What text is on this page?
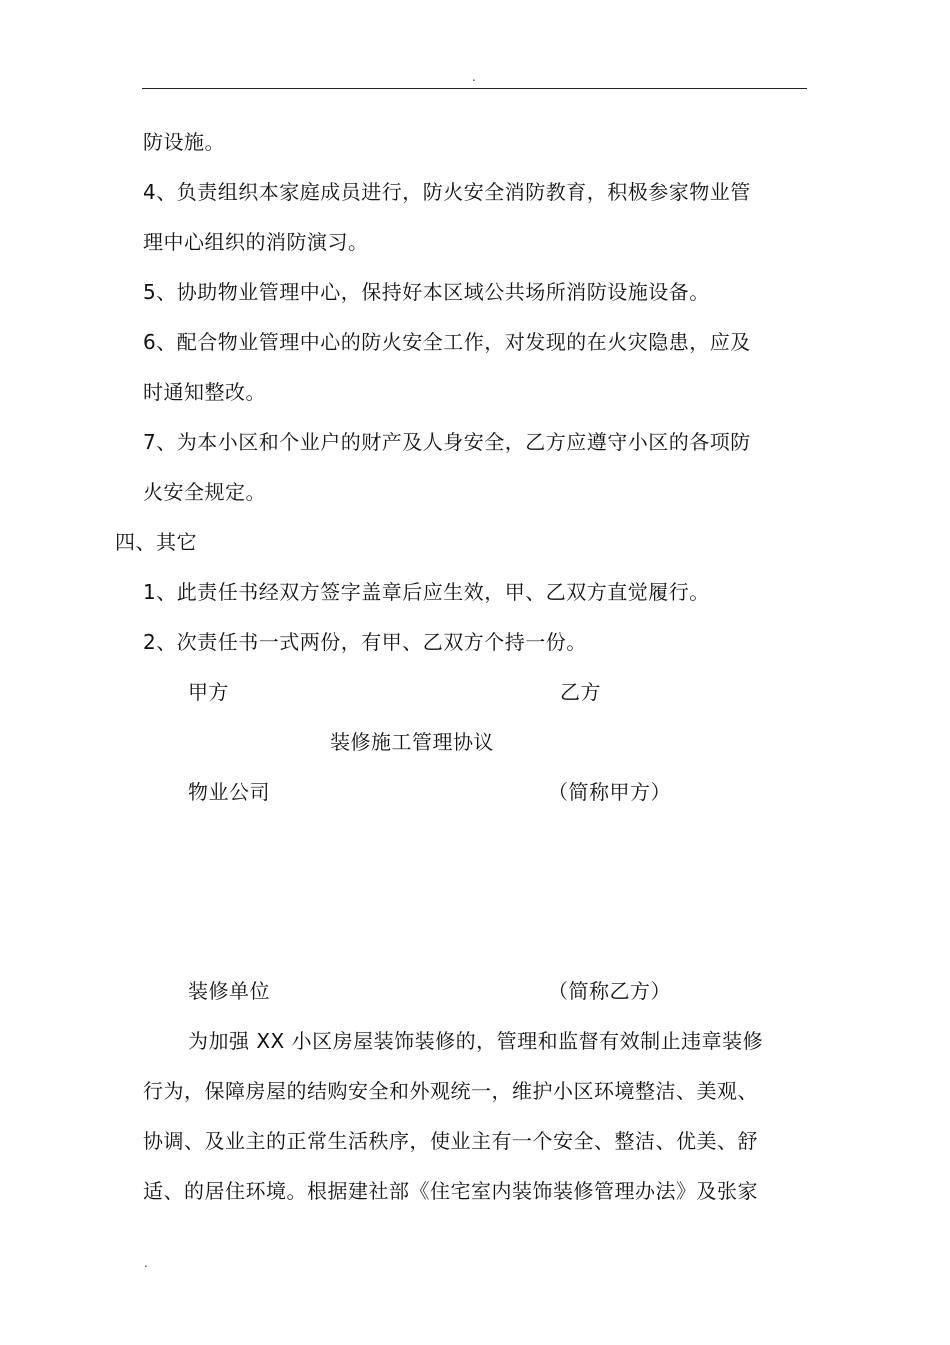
.
防设施。
4、负责组织本家庭成员进行，防火安全消防教育，积极参家物业管
理中心组织的消防演习。
5、协助物业管理中心，保持好本区域公共场所消防设施设备。
6、配合物业管理中心的防火安全工作，对发现的在火灾隐患，应及
时通知整改。
7、为本小区和个业户的财产及人身安全，乙方应遵守小区的各项防
火安全规定。
四、其它
1、此责任书经双方签字盖章后应生效，甲、乙双方直觉履行。
2、次责任书一式两份，有甲、乙双方个持一份。
甲方	乙方
装修施工管理协议
物业公司	（简称甲方）
装修单位	（简称乙方）
为加强 XX 小区房屋装饰装修的，管理和监督有效制止违章装修
行为，保障房屋的结购安全和外观统一，维护小区环境整洁、美观、
协调、及业主的正常生活秩序，使业主有一个安全、整洁、优美、舒
适、的居住环境。根据建社部《住宅室内装饰装修管理办法》及张家
.
